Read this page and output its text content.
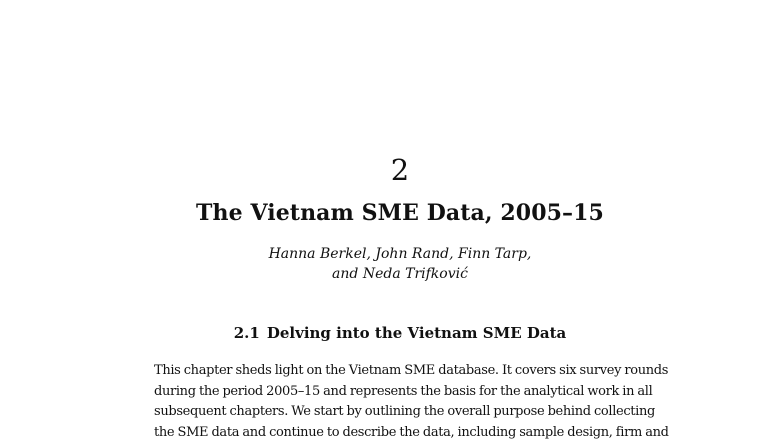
2
The Vietnam SME Data, 2005–15
Hanna Berkel, John Rand, Finn Tarp,
and Neda Trifković
2.1 Delving into the Vietnam SME Data
This chapter sheds light on the Vietnam SME database. It covers six survey rounds
during the period 2005–15 and represents the basis for the analytical work in all
subsequent chapters. We start by outlining the overall purpose behind collecting
the SME data and continue to describe the data, including sample design, firm and
